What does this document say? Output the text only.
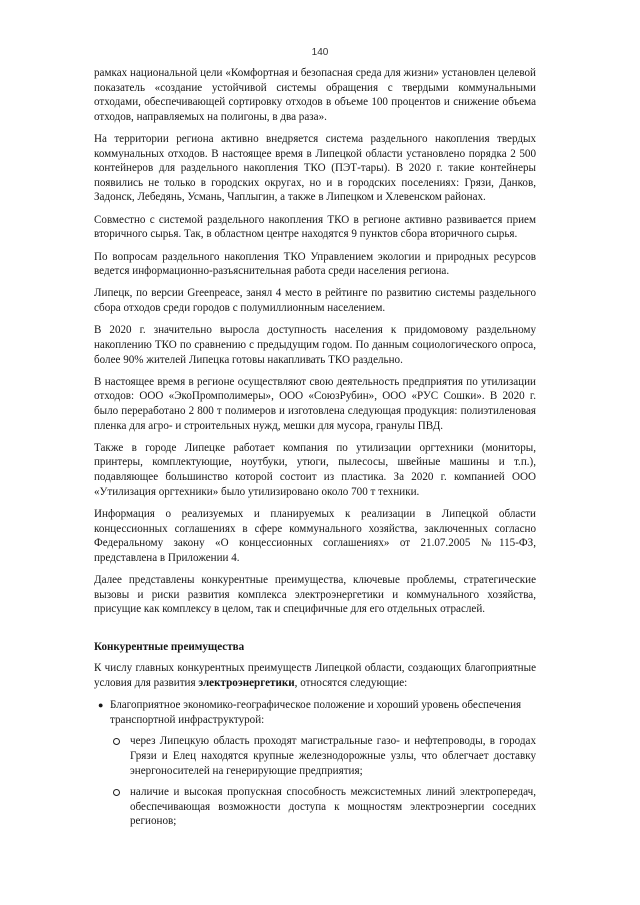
140

рамках национальной цели «Комфортная и безопасная среда для жизни» установлен целевой показатель «создание устойчивой системы обращения с твердыми коммунальными отходами, обеспечивающей сортировку отходов в объеме 100 процентов и снижение объема отходов, направляемых на полигоны, в два раза».

На территории региона активно внедряется система раздельного накопления твердых коммунальных отходов. В настоящее время в Липецкой области установлено порядка 2 500 контейнеров для раздельного накопления ТКО (ПЭТ-тары). В 2020 г. такие контейнеры появились не только в городских округах, но и в городских поселениях: Грязи, Данков, Задонск, Лебедянь, Усмань, Чаплыгин, а также в Липецком и Хлевенском районах.

Совместно с системой раздельного накопления ТКО в регионе активно развивается прием вторичного сырья. Так, в областном центре находятся 9 пунктов сбора вторичного сырья.

По вопросам раздельного накопления ТКО Управлением экологии и природных ресурсов ведется информационно-разъяснительная работа среди населения региона.

Липецк, по версии Greenpeace, занял 4 место в рейтинге по развитию системы раздельного сбора отходов среди городов с полумиллионным населением.

В 2020 г. значительно выросла доступность населения к придомовому раздельному накоплению ТКО по сравнению с предыдущим годом. По данным социологического опроса, более 90% жителей Липецка готовы накапливать ТКО раздельно.

В настоящее время в регионе осуществляют свою деятельность предприятия по утилизации отходов: ООО «ЭкоПромполимеры», ООО «СоюзРубин», ООО «РУС Сошки». В 2020 г. было переработано 2 800 т полимеров и изготовлена следующая продукция: полиэтиленовая пленка для агро- и строительных нужд, мешки для мусора, гранулы ПВД.

Также в городе Липецке работает компания по утилизации оргтехники (мониторы, принтеры, комплектующие, ноутбуки, утюги, пылесосы, швейные машины и т.п.), подавляющее большинство которой состоит из пластика. За 2020 г. компанией ООО «Утилизация оргтехники» было утилизировано около 700 т техники.

Информация о реализуемых и планируемых к реализации в Липецкой области концессионных соглашениях в сфере коммунального хозяйства, заключенных согласно Федеральному закону «О концессионных соглашениях» от 21.07.2005 №115-ФЗ, представлена в Приложении 4.

Далее представлены конкурентные преимущества, ключевые проблемы, стратегические вызовы и риски развития комплекса электроэнергетики и коммунального хозяйства, присущие как комплексу в целом, так и специфичные для его отдельных отраслей.

Конкурентные преимущества

К числу главных конкурентных преимуществ Липецкой области, создающих благоприятные условия для развития электроэнергетики, относятся следующие:

● Благоприятное экономико-географическое положение и хороший уровень обеспечения транспортной инфраструктурой:
через Липецкую область проходят магистральные газо- и нефтепроводы, в городах Грязи и Елец находятся крупные железнодорожные узлы, что облегчает доставку энергоносителей на генерирующие предприятия;
наличие и высокая пропускная способность межсистемных линий электропередач, обеспечивающая возможности доступа к мощностям электроэнергии соседних регионов;
